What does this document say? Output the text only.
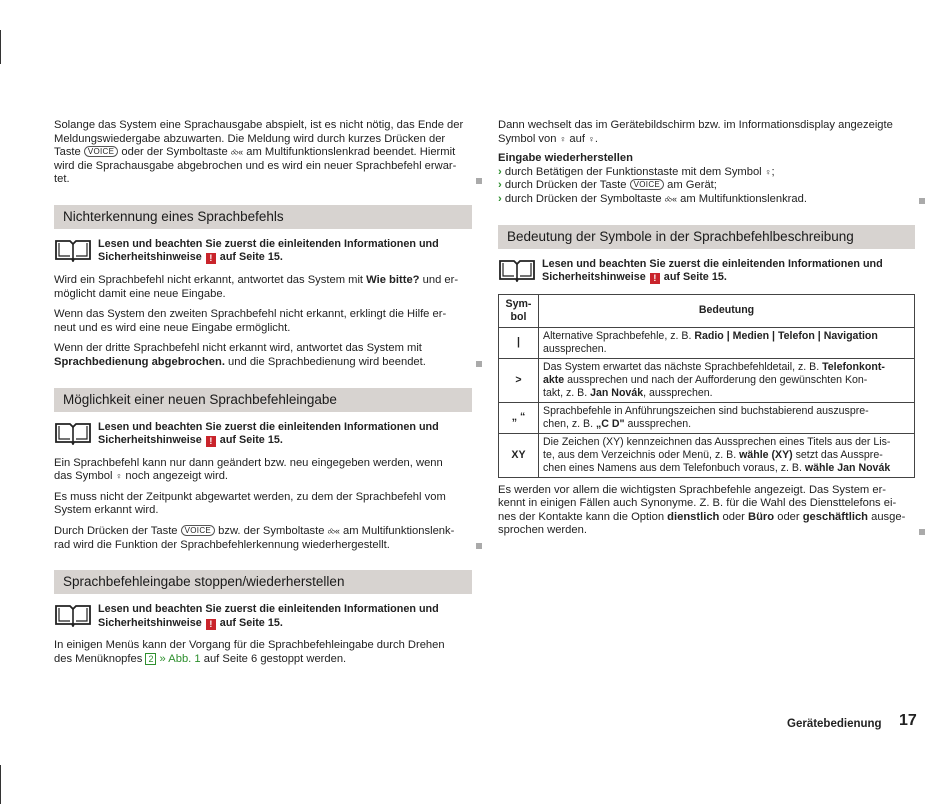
Solange das System eine Sprachausgabe abspielt, ist es nicht nötig, das Ende der

Meldungswiedergabe abzuwarten. Die Meldung wird durch kurzes Drücken der

Taste VOICE oder der Symboltaste ⧝« am Multifunktionslenkrad beendet. Hiermit

wird die Sprachausgabe abgebrochen und es wird ein neuer Sprachbefehl erwar-

tet.

Nichterkennung eines Sprachbefehls

Lesen und beachten Sie zuerst die einleitenden Informationen und

Sicherheitshinweise ! auf Seite 15.

Wird ein Sprachbefehl nicht erkannt, antwortet das System mit Wie bitte? und er-

möglicht damit eine neue Eingabe.

Wenn das System den zweiten Sprachbefehl nicht erkannt, erklingt die Hilfe er-

neut und es wird eine neue Eingabe ermöglicht.

Wenn der dritte Sprachbefehl nicht erkannt wird, antwortet das System mit

Sprachbedienung abgebrochen. und die Sprachbedienung wird beendet.

Möglichkeit einer neuen Sprachbefehleingabe

Lesen und beachten Sie zuerst die einleitenden Informationen und

Sicherheitshinweise ! auf Seite 15.

Ein Sprachbefehl kann nur dann geändert bzw. neu eingegeben werden, wenn

das Symbol ♀ noch angezeigt wird.

Es muss nicht der Zeitpunkt abgewartet werden, zu dem der Sprachbefehl vom

System erkannt wird.

Durch Drücken der Taste VOICE bzw. der Symboltaste ⧝« am Multifunktionslenk-

rad wird die Funktion der Sprachbefehlerkennung wiederhergestellt.

Sprachbefehleingabe stoppen/wiederherstellen

Lesen und beachten Sie zuerst die einleitenden Informationen und

Sicherheitshinweise ! auf Seite 15.

In einigen Menüs kann der Vorgang für die Sprachbefehleingabe durch Drehen

des Menüknopfes 2 » Abb. 1 auf Seite 6 gestoppt werden.

Dann wechselt das im Gerätebildschirm bzw. im Informationsdisplay angezeigte

Symbol von ♀ auf ♀.

Eingabe wiederherstellen

› durch Betätigen der Funktionstaste mit dem Symbol ♀;

› durch Drücken der Taste VOICE am Gerät;

› durch Drücken der Symboltaste ⧝« am Multifunktionslenkrad.

Bedeutung der Symbole in der Sprachbefehlbeschreibung

Lesen und beachten Sie zuerst die einleitenden Informationen und

Sicherheitshinweise ! auf Seite 15.

Sym-
bol	Bedeutung
|	Alternative Sprachbefehle, z. B. Radio | Medien | Telefon | Navigation
aussprechen.
>	Das System erwartet das nächste Sprachbefehldetail, z. B. Telefonkont-
akte aussprechen und nach der Aufforderung den gewünschten Kon-
takt, z. B. Jan Novák, aussprechen.
„ “	Sprachbefehle in Anführungszeichen sind buchstabierend auszuspre-
chen, z. B. „C D" aussprechen.
XY	Die Zeichen (XY) kennzeichnen das Aussprechen eines Titels aus der Lis-
te, aus dem Verzeichnis oder Menü, z. B. wähle (XY) setzt das Ausspre-
chen eines Namens aus dem Telefonbuch voraus, z. B. wähle Jan Novák

Es werden vor allem die wichtigsten Sprachbefehle angezeigt. Das System er-

kennt in einigen Fällen auch Synonyme. Z. B. für die Wahl des Diensttelefons ei-

nes der Kontakte kann die Option dienstlich oder Büro oder geschäftlich ausge-

sprochen werden.

Gerätebedienung 17
